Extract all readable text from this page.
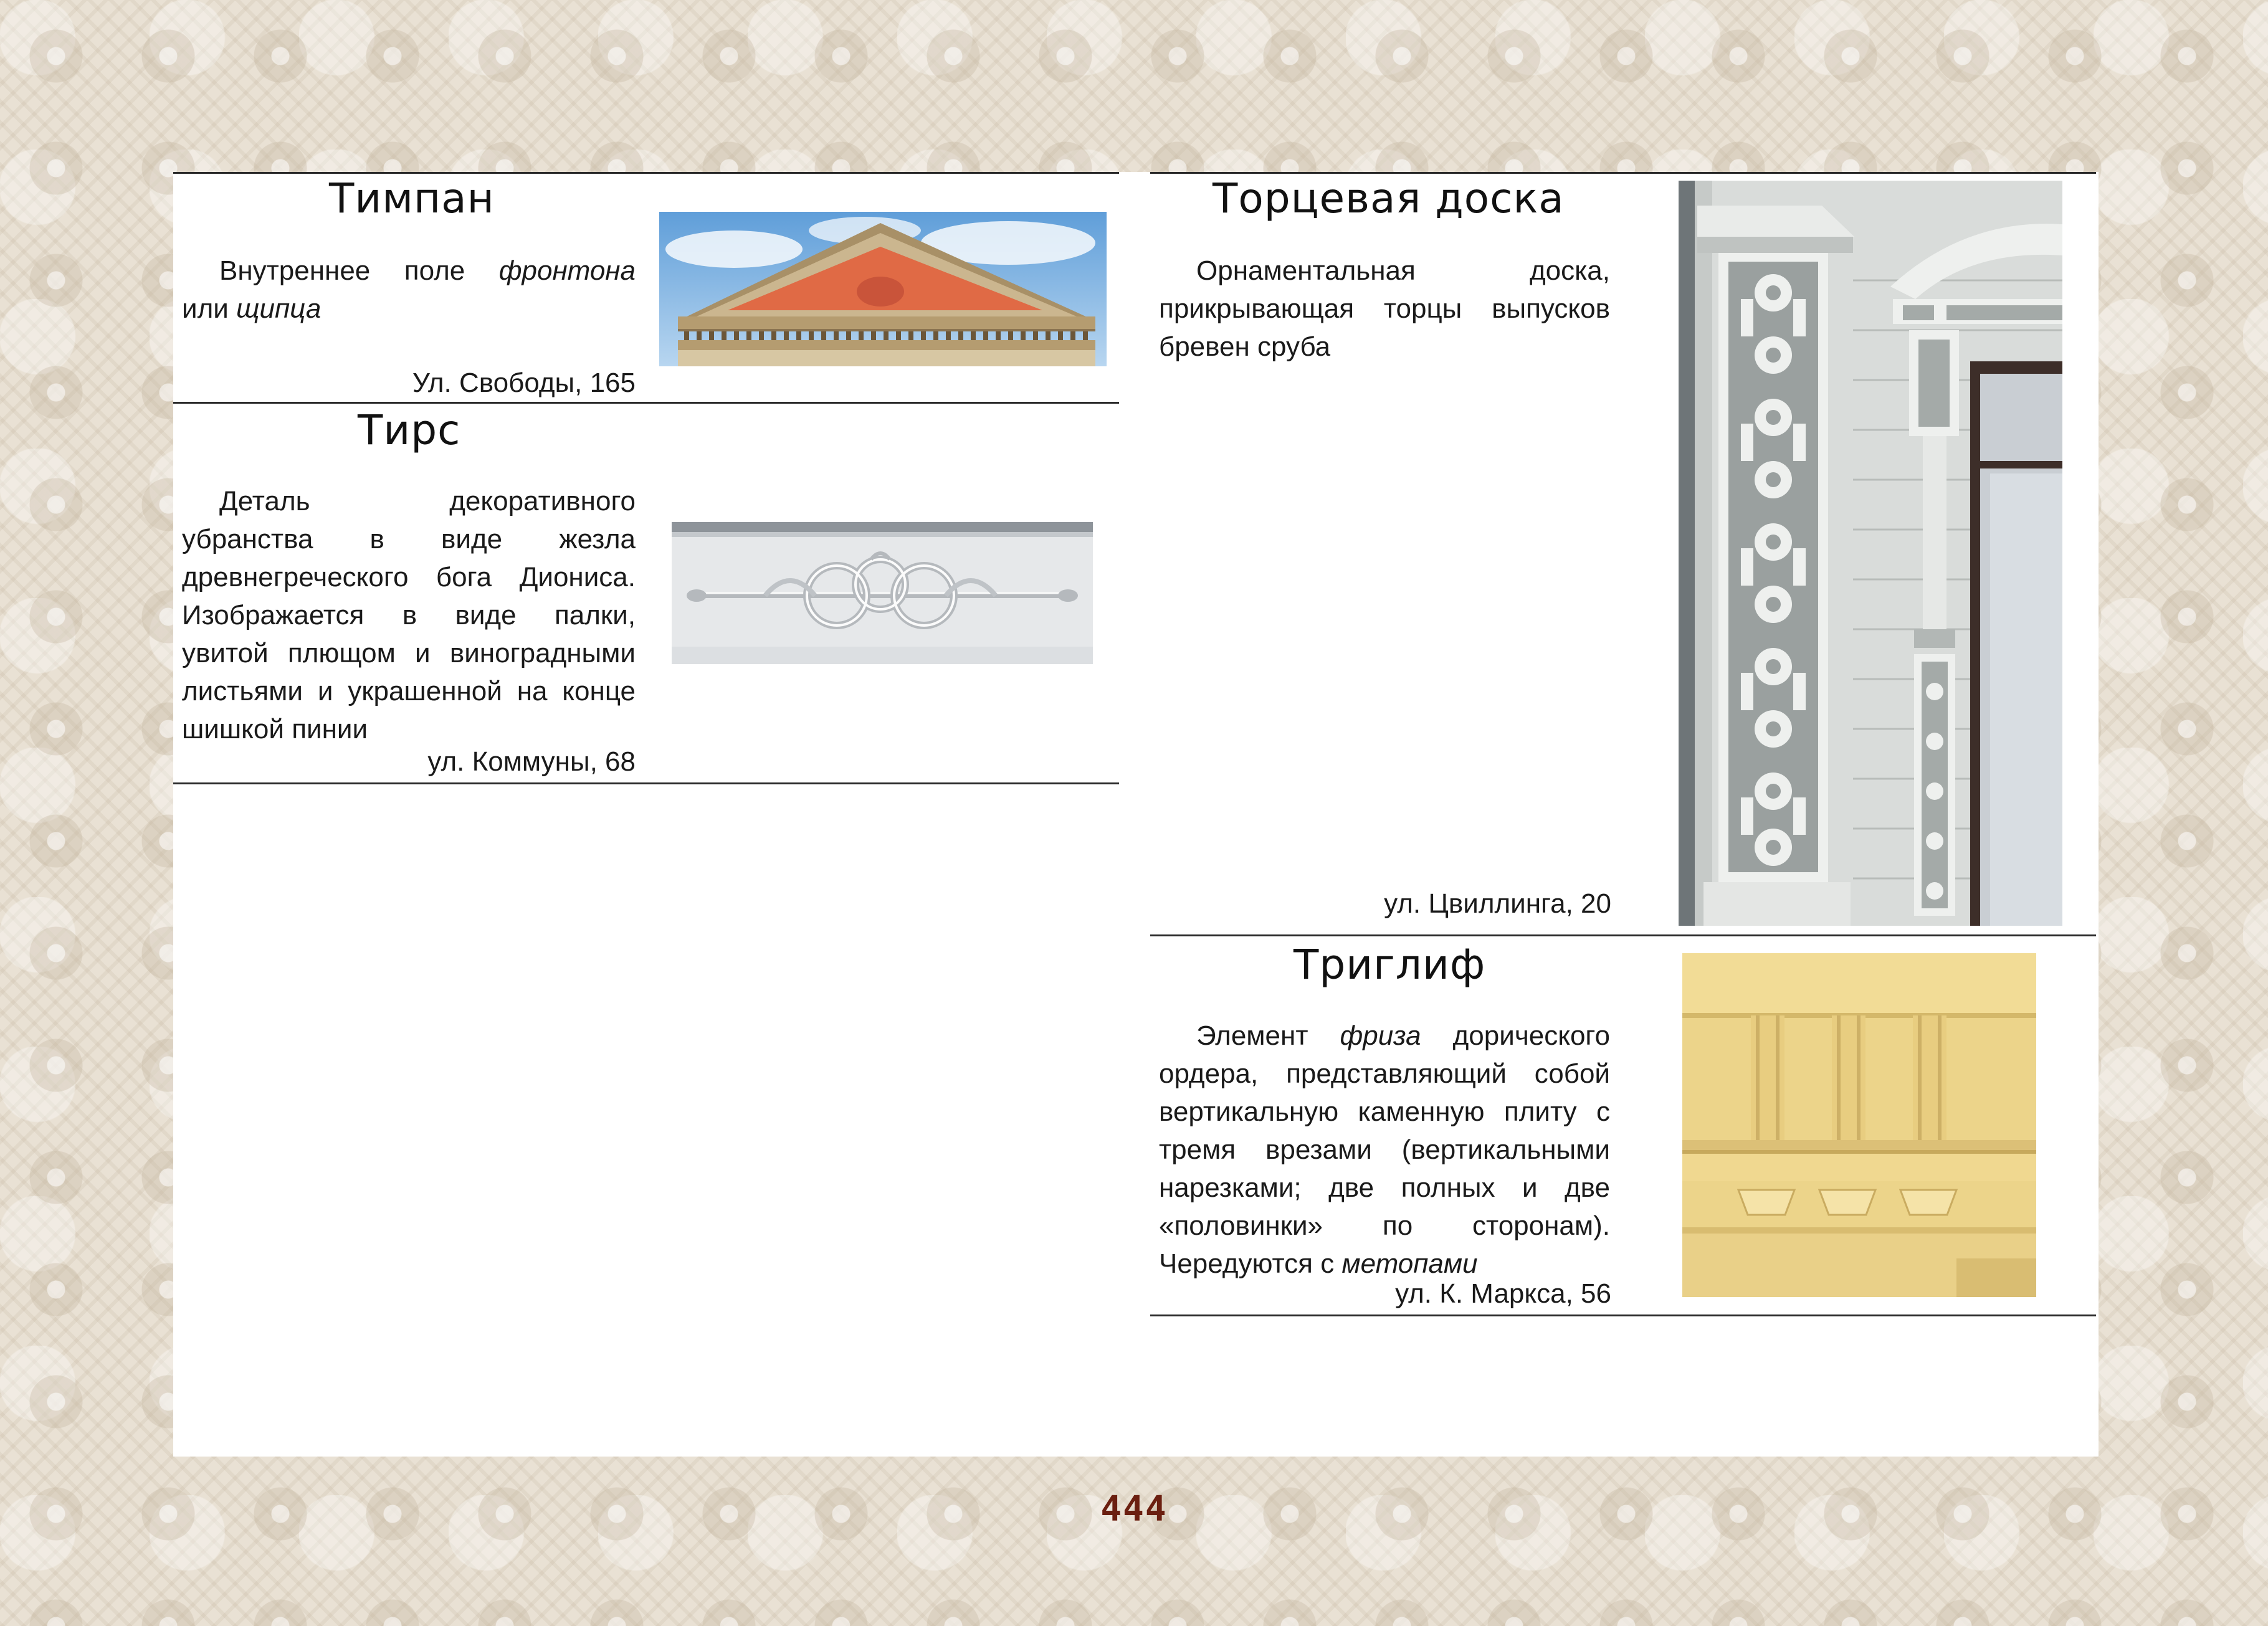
Тимпан
Внутреннее поле фронтона или щипца
Ул. Свободы, 165
Тирс
Деталь декоративного убранства в виде жезла древнегреческого бога Диониса. Изображается в виде палки, увитой плющом и виноградными листьями и украшенной на конце шишкой пинии
ул. Коммуны, 68
Торцевая доска
Орнаментальная доска, прикрывающая торцы выпусков бревен сруба
ул. Цвиллинга, 20
Триглиф
Элемент фриза дорического ордера, представляющий собой вертикальную каменную плиту с тремя врезами (вертикальными нарезками; две полных и две «половинки» по сторонам). Чередуются с метопами
ул. К. Маркса, 56
444
